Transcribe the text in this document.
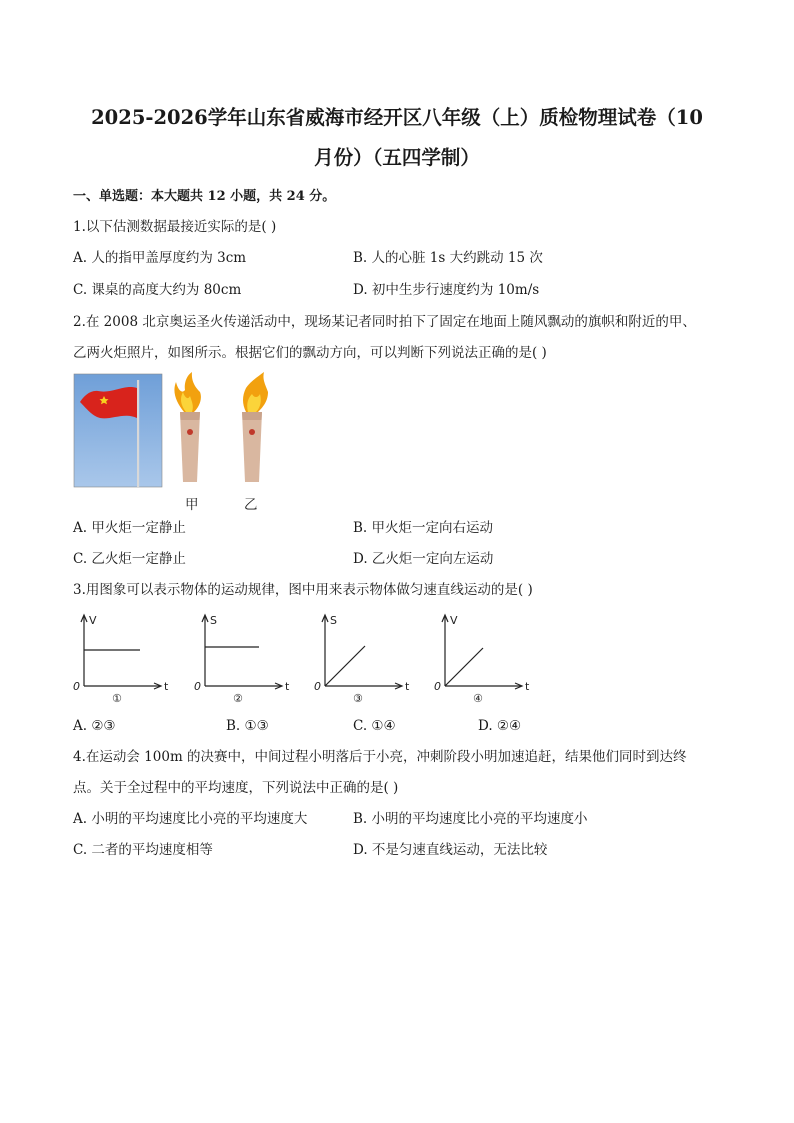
2025-2026学年山东省威海市经开区八年级（上）质检物理试卷（10
月份）（五四学制）
一、单选题：本大题共 12 小题，共 24 分。
1.以下估测数据最接近实际的是( )
A. 人的指甲盖厚度约为 3cm	B. 人的心脏 1s 大约跳动 15 次
C. 课桌的高度大约为 80cm	D. 初中生步行速度约为 10m/s
2.在 2008 北京奥运圣火传递活动中，现场某记者同时拍下了固定在地面上随风飘动的旗帜和附近的甲、
乙两火炬照片，如图所示。根据它们的飘动方向，可以判断下列说法正确的是( )
甲	乙
A. 甲火炬一定静止	B. 甲火炬一定向右运动
C. 乙火炬一定静止	D. 乙火炬一定向左运动
3.用图象可以表示物体的运动规律，图中用来表示物体做匀速直线运动的是( )
V
t
0
①
S
t
0
②
S
t
0
③
V
t
0
④
A. ②③	B. ①③	C. ①④	D. ②④
4.在运动会 100m 的决赛中，中间过程小明落后于小亮，冲刺阶段小明加速追赶，结果他们同时到达终
点。关于全过程中的平均速度，下列说法中正确的是( )
A. 小明的平均速度比小亮的平均速度大	B. 小明的平均速度比小亮的平均速度小
C. 二者的平均速度相等	D. 不是匀速直线运动，无法比较
